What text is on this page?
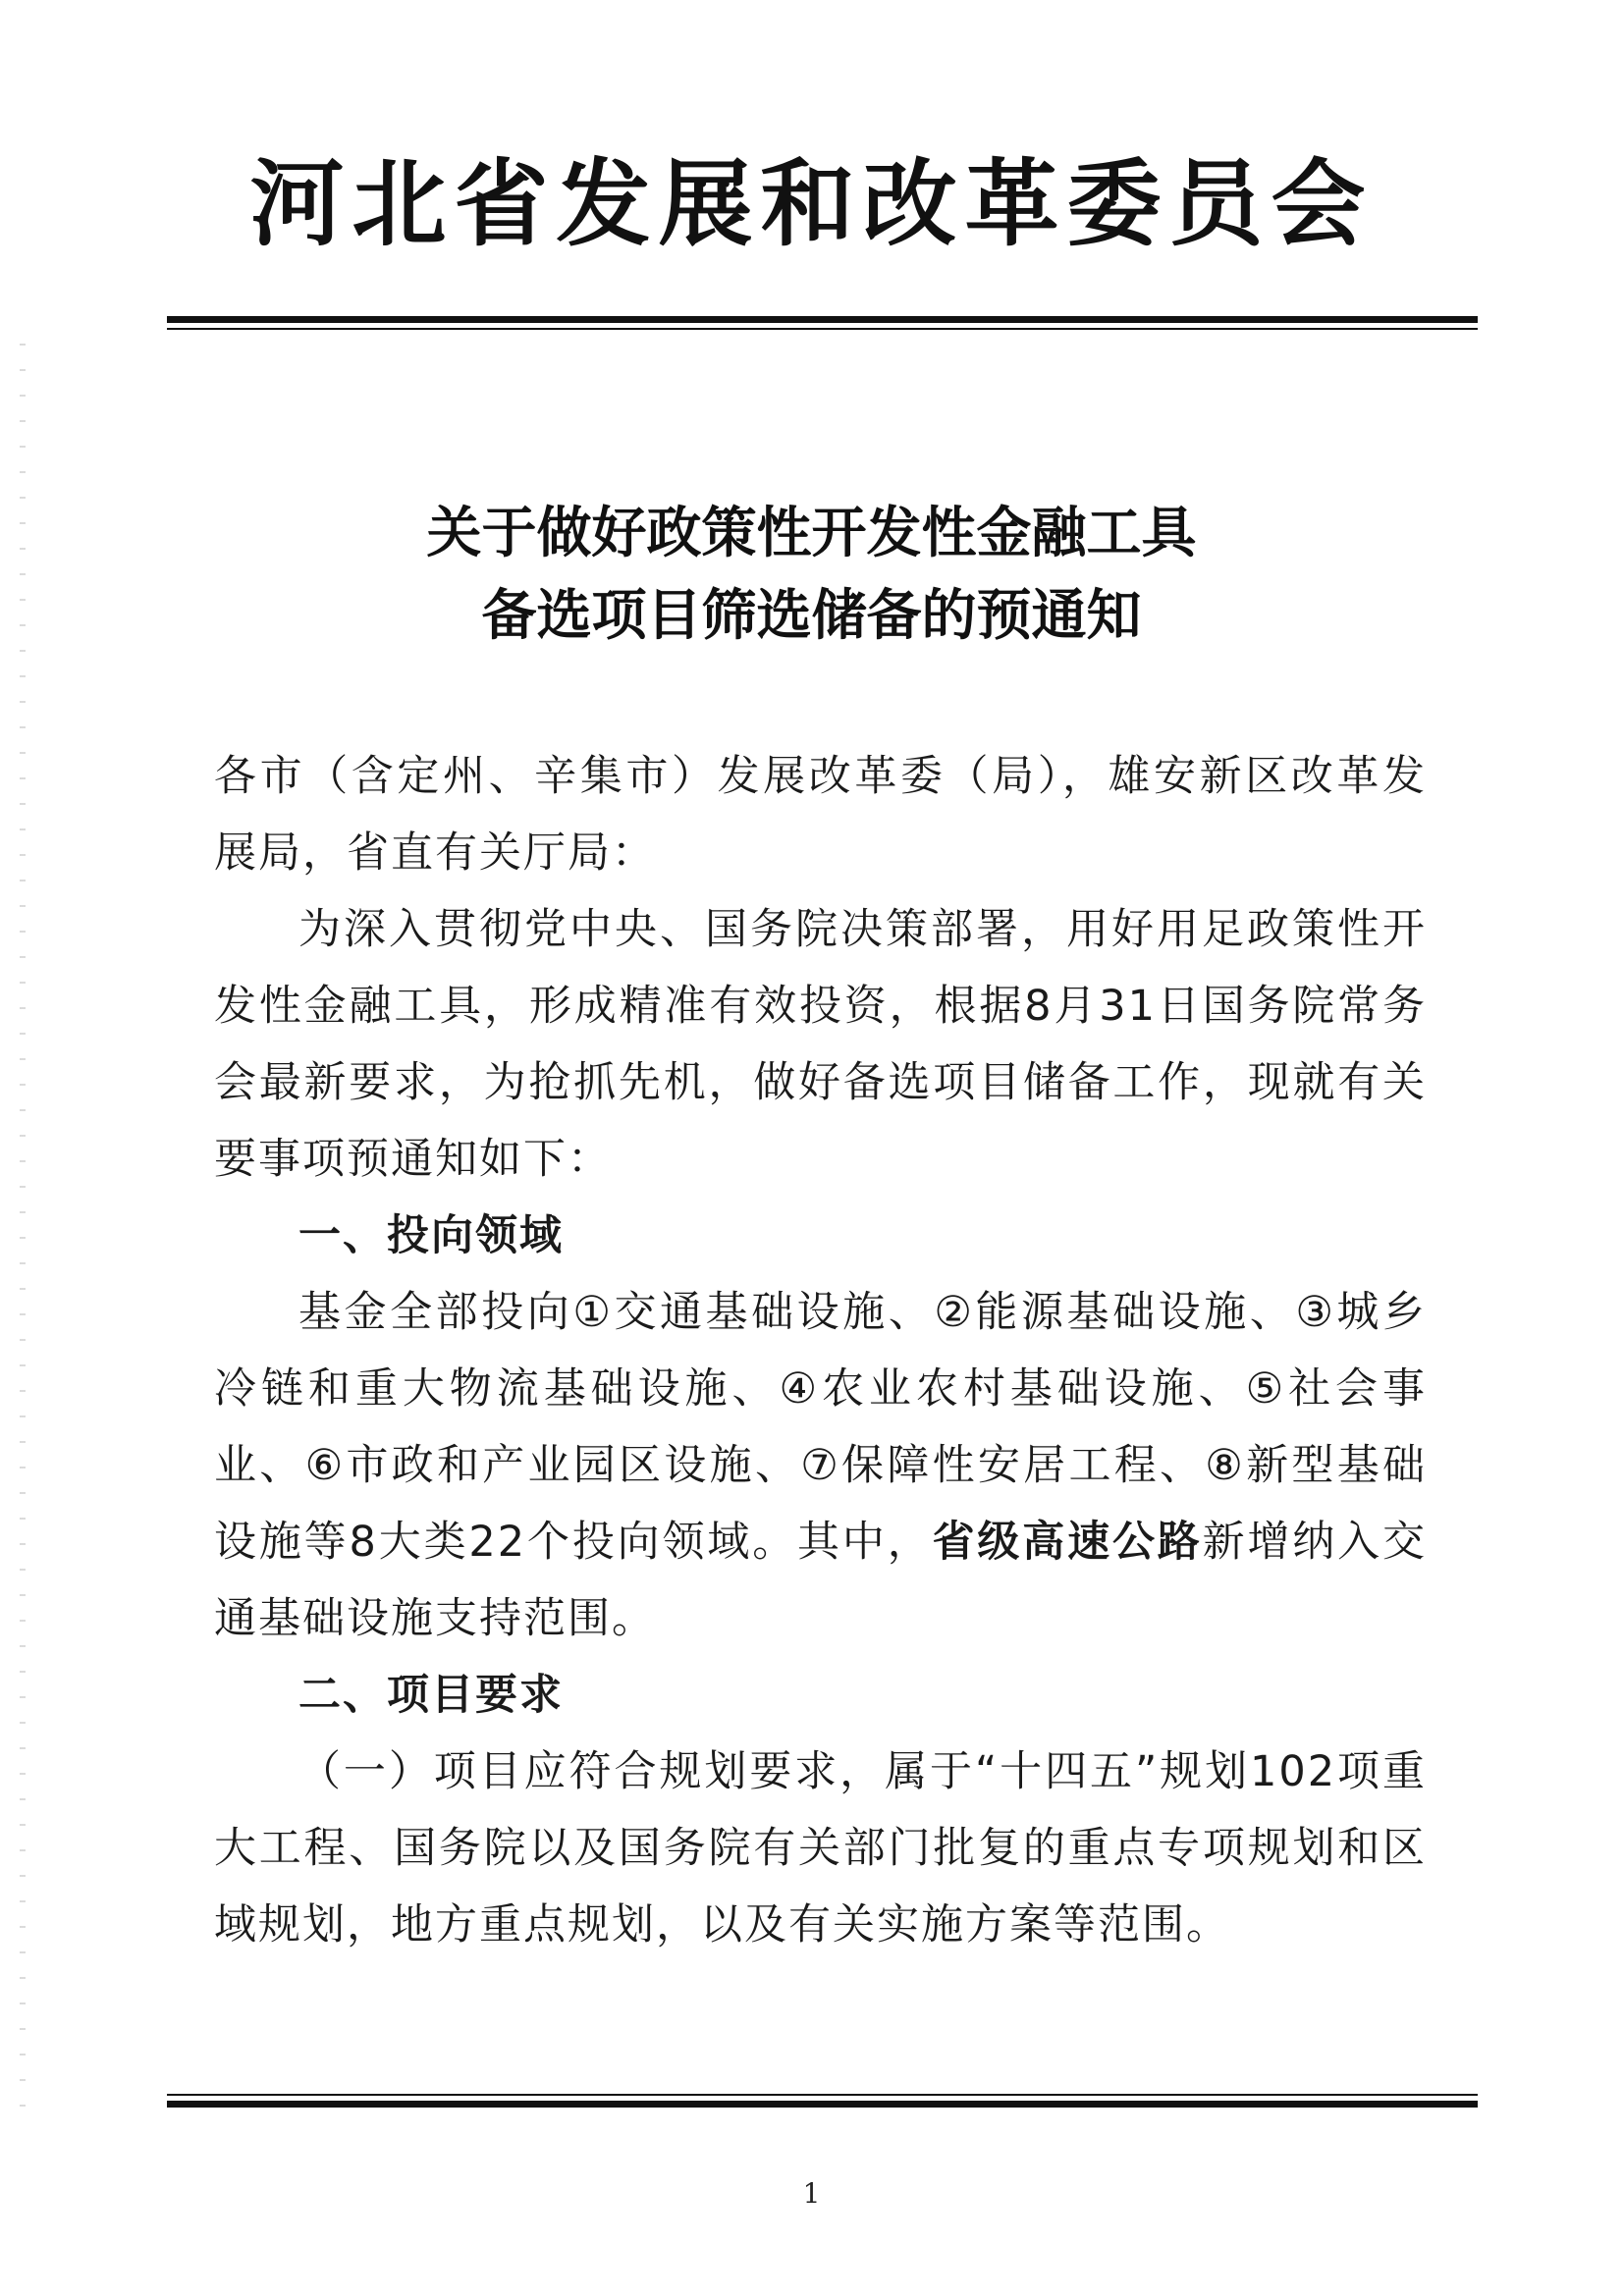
河北省发展和改革委员会
关于做好政策性开发性金融工具
备选项目筛选储备的预通知

各市（含定州、辛集市）发展改革委（局），雄安新区改革发展局，省直有关厅局：

为深入贯彻党中央、国务院决策部署，用好用足政策性开发性金融工具，形成精准有效投资，根据8月31日国务院常务会最新要求，为抢抓先机，做好备选项目储备工作，现就有关要事项预通知如下：

一、投向领域

基金全部投向①交通基础设施、②能源基础设施、③城乡冷链和重大物流基础设施、④农业农村基础设施、⑤社会事业、⑥市政和产业园区设施、⑦保障性安居工程、⑧新型基础设施等8大类22个投向领域。其中，省级高速公路新增纳入交通基础设施支持范围。

二、项目要求

（一）项目应符合规划要求，属于“十四五”规划102项重大工程、国务院以及国务院有关部门批复的重点专项规划和区域规划，地方重点规划，以及有关实施方案等范围。

1
